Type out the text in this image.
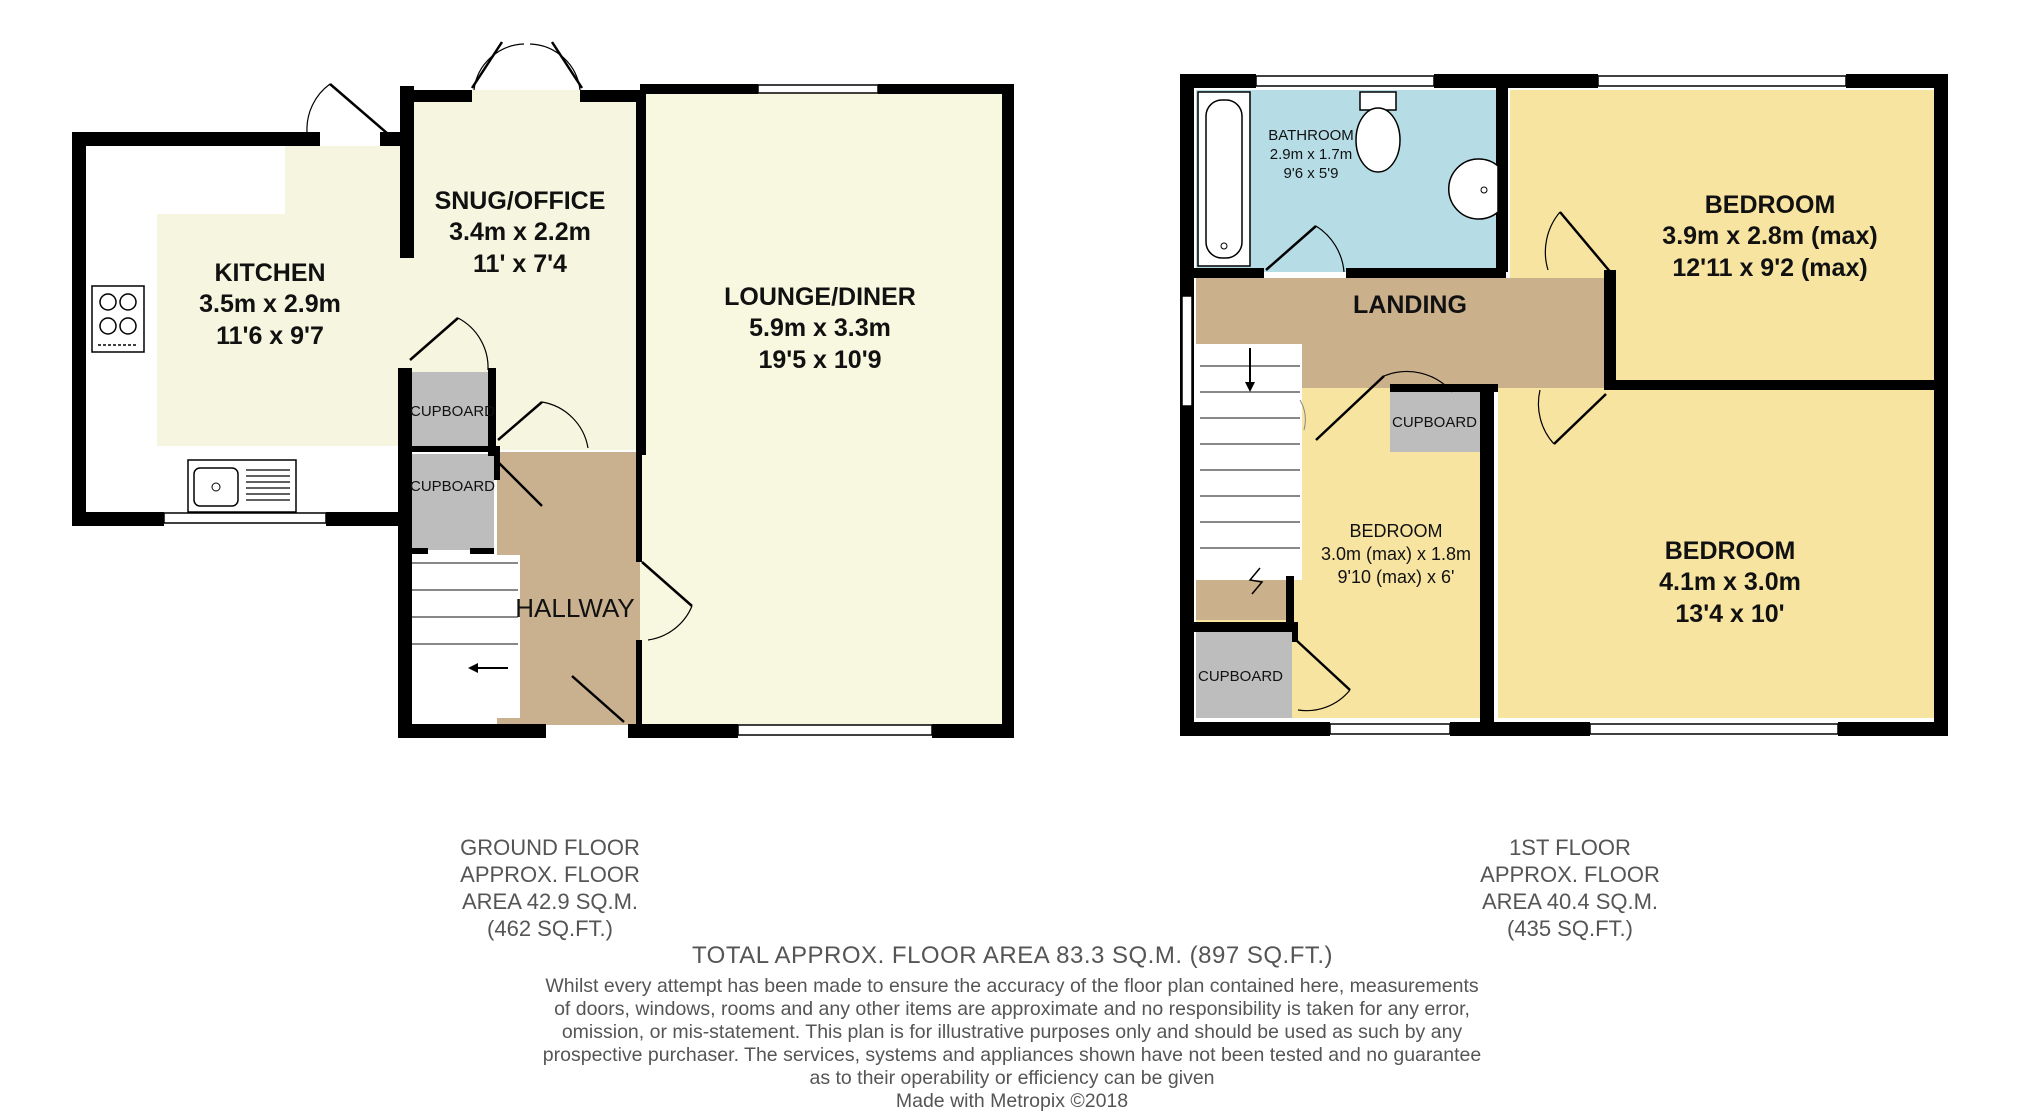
KITCHEN
3.5m x 2.9m
11'6 x 9'7
SNUG/OFFICE
3.4m x 2.2m
11' x 7'4
LOUNGE/DINER
5.9m x 3.3m
19'5 x 10'9
HALLWAY
CUPBOARD
CUPBOARD
BATHROOM
2.9m x 1.7m
9'6 x 5'9
LANDING
BEDROOM
3.9m x 2.8m (max)
12'11 x 9'2 (max)
BEDROOM
3.0m (max) x 1.8m
9'10 (max) x 6'
BEDROOM
4.1m x 3.0m
13'4 x 10'
CUPBOARD
CUPBOARD
GROUND FLOOR
APPROX. FLOOR
AREA 42.9 SQ.M.
(462 SQ.FT.)
1ST FLOOR
APPROX. FLOOR
AREA 40.4 SQ.M.
(435 SQ.FT.)
TOTAL APPROX. FLOOR AREA 83.3 SQ.M. (897 SQ.FT.)
Whilst every attempt has been made to ensure the accuracy of the floor plan contained here, measurements
of doors, windows, rooms and any other items are approximate and no responsibility is taken for any error,
omission, or mis-statement. This plan is for illustrative purposes only and should be used as such by any
prospective purchaser. The services, systems and appliances shown have not been tested and no guarantee
as to their operability or efficiency can be given
Made with Metropix ©2018
